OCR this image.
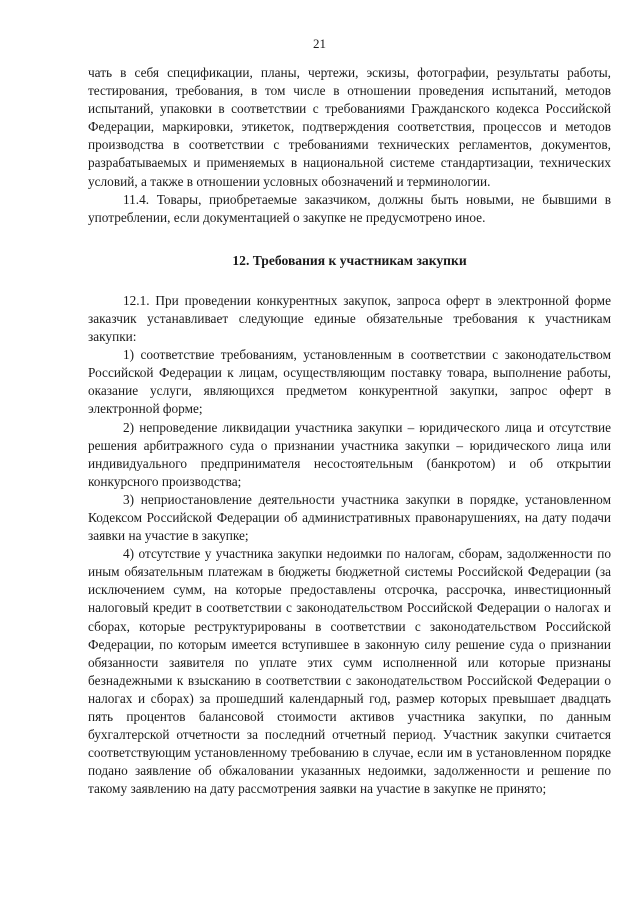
21

чать в себя спецификации, планы, чертежи, эскизы, фотографии, результаты работы, тестирования, требования, в том числе в отношении проведения испытаний, методов испытаний, упаковки в соответствии с требованиями Гражданского кодекса Российской Федерации, маркировки, этикеток, подтверждения соответствия, процессов и методов производства в соответствии с требованиями технических регламентов, документов, разрабатываемых и применяемых в национальной системе стандартизации, технических условий, а также в отношении условных обозначений и терминологии.

11.4. Товары, приобретаемые заказчиком, должны быть новыми, не бывшими в употреблении, если документацией о закупке не предусмотрено иное.

12. Требования к участникам закупки

12.1. При проведении конкурентных закупок, запроса оферт в электронной форме заказчик устанавливает следующие единые обязательные требования к участникам закупки:

1) соответствие требованиям, установленным в соответствии с законодательством Российской Федерации к лицам, осуществляющим поставку товара, выполнение работы, оказание услуги, являющихся предметом конкурентной закупки, запрос оферт в электронной форме;

2) непроведение ликвидации участника закупки – юридического лица и отсутствие решения арбитражного суда о признании участника закупки – юридического лица или индивидуального предпринимателя несостоятельным (банкротом) и об открытии конкурсного производства;

3) неприостановление деятельности участника закупки в порядке, установленном Кодексом Российской Федерации об административных правонарушениях, на дату подачи заявки на участие в закупке;

4) отсутствие у участника закупки недоимки по налогам, сборам, задолженности по иным обязательным платежам в бюджеты бюджетной системы Российской Федерации (за исключением сумм, на которые предоставлены отсрочка, рассрочка, инвестиционный налоговый кредит в соответствии с законодательством Российской Федерации о налогах и сборах, которые реструктурированы в соответствии с законодательством Российской Федерации, по которым имеется вступившее в законную силу решение суда о признании обязанности заявителя по уплате этих сумм исполненной или которые признаны безнадежными к взысканию в соответствии с законодательством Российской Федерации о налогах и сборах) за прошедший календарный год, размер которых превышает двадцать пять процентов балансовой стоимости активов участника закупки, по данным бухгалтерской отчетности за последний отчетный период. Участник закупки считается соответствующим установленному требованию в случае, если им в установленном порядке подано заявление об обжаловании указанных недоимки, задолженности и решение по такому заявлению на дату рассмотрения заявки на участие в закупке не принято;
